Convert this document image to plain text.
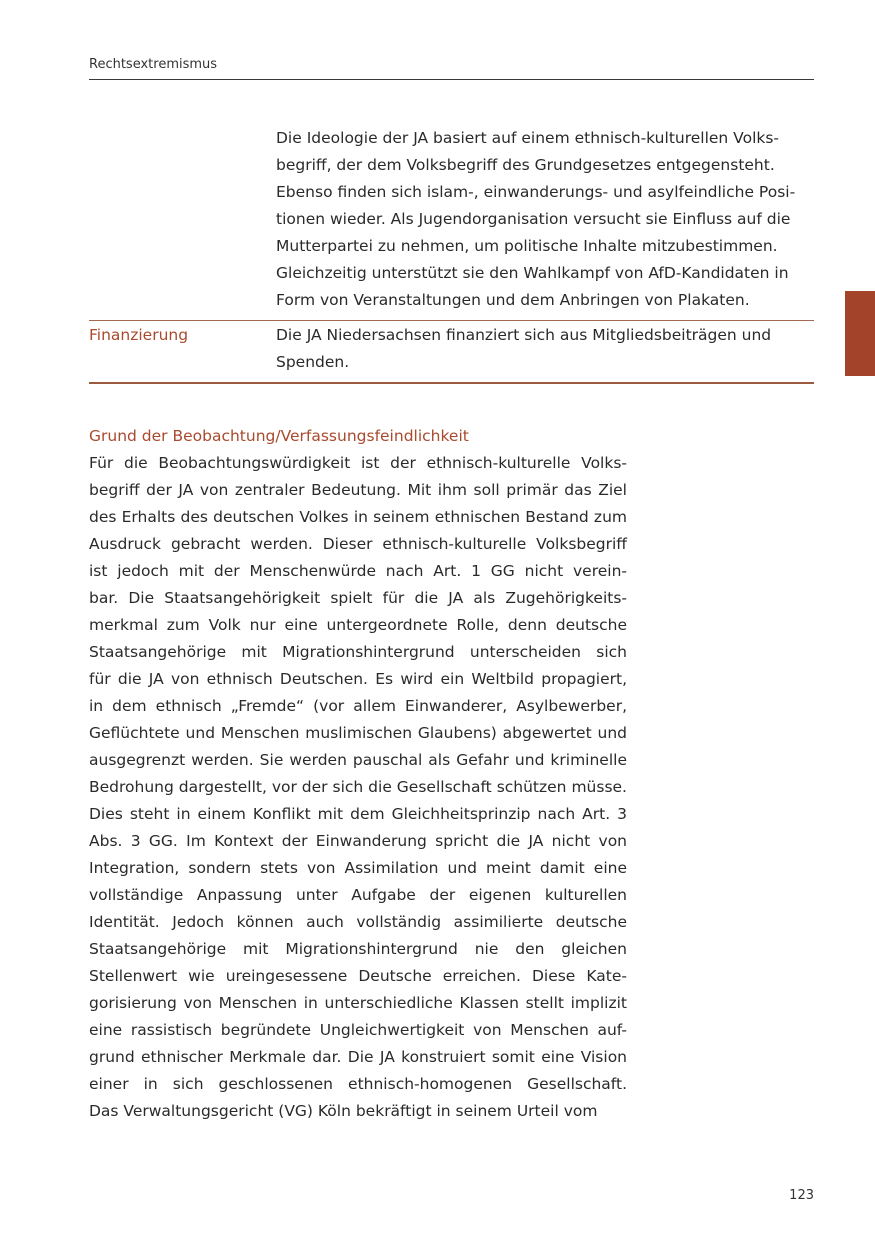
Rechtsextremismus
Die Ideologie der JA basiert auf einem ethnisch-kulturellen Volks-
begriff, der dem Volksbegriff des Grundgesetzes entgegensteht.
Ebenso finden sich islam-, einwanderungs- und asylfeindliche Posi-
tionen wieder. Als Jugendorganisation versucht sie Einfluss auf die
Mutterpartei zu nehmen, um politische Inhalte mitzubestimmen.
Gleichzeitig unterstützt sie den Wahlkampf von AfD-Kandidaten in
Form von Veranstaltungen und dem Anbringen von Plakaten.
Finanzierung	Die JA Niedersachsen finanziert sich aus Mitgliedsbeiträgen und
Spenden.
Grund der Beobachtung/Verfassungsfeindlichkeit
Für die Beobachtungswürdigkeit ist der ethnisch-kulturelle Volks-
begriff der JA von zentraler Bedeutung. Mit ihm soll primär das Ziel
des Erhalts des deutschen Volkes in seinem ethnischen Bestand zum
Ausdruck gebracht werden. Dieser ethnisch-kulturelle Volksbegriff
ist jedoch mit der Menschenwürde nach Art. 1 GG nicht verein-
bar. Die Staatsangehörigkeit spielt für die JA als Zugehörigkeits-
merkmal zum Volk nur eine untergeordnete Rolle, denn deutsche
Staatsangehörige mit Migrationshintergrund unterscheiden sich
für die JA von ethnisch Deutschen. Es wird ein Weltbild propagiert,
in dem ethnisch „Fremde“ (vor allem Einwanderer, Asylbewerber,
Geflüchtete und Menschen muslimischen Glaubens) abgewertet und
ausgegrenzt werden. Sie werden pauschal als Gefahr und kriminelle
Bedrohung dargestellt, vor der sich die Gesellschaft schützen müsse.
Dies steht in einem Konflikt mit dem Gleichheitsprinzip nach Art. 3
Abs. 3 GG. Im Kontext der Einwanderung spricht die JA nicht von
Integration, sondern stets von Assimilation und meint damit eine
vollständige Anpassung unter Aufgabe der eigenen kulturellen
Identität. Jedoch können auch vollständig assimilierte deutsche
Staatsangehörige mit Migrationshintergrund nie den gleichen
Stellenwert wie ureingesessene Deutsche erreichen. Diese Kate-
gorisierung von Menschen in unterschiedliche Klassen stellt implizit
eine rassistisch begründete Ungleichwertigkeit von Menschen auf-
grund ethnischer Merkmale dar. Die JA konstruiert somit eine Vision
einer in sich geschlossenen ethnisch-homogenen Gesellschaft.
Das Verwaltungsgericht (VG) Köln bekräftigt in seinem Urteil vom
123
